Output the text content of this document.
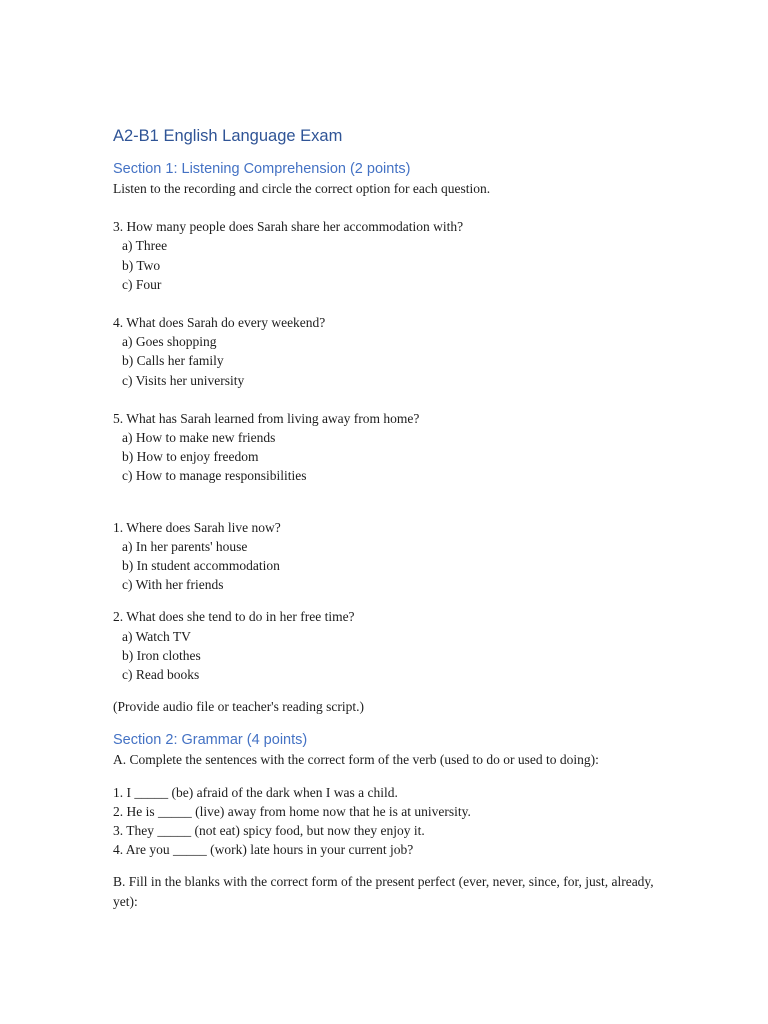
A2-B1 English Language Exam
Section 1: Listening Comprehension (2 points)

Listen to the recording and circle the correct option for each question.

3. How many people does Sarah share her accommodation with?

a) Three

b) Two

c) Four

4. What does Sarah do every weekend?

a) Goes shopping

b) Calls her family

c) Visits her university

5. What has Sarah learned from living away from home?

a) How to make new friends

b) How to enjoy freedom

c) How to manage responsibilities

1. Where does Sarah live now?

a) In her parents' house

b) In student accommodation

c) With her friends

2. What does she tend to do in her free time?

a) Watch TV

b) Iron clothes

c) Read books

(Provide audio file or teacher's reading script.)

Section 2: Grammar (4 points)

A. Complete the sentences with the correct form of the verb (used to do or used to doing):

1. I _____ (be) afraid of the dark when I was a child.

2. He is _____ (live) away from home now that he is at university.

3. They _____ (not eat) spicy food, but now they enjoy it.

4. Are you _____ (work) late hours in your current job?

B. Fill in the blanks with the correct form of the present perfect (ever, never, since, for, just, already, yet):
